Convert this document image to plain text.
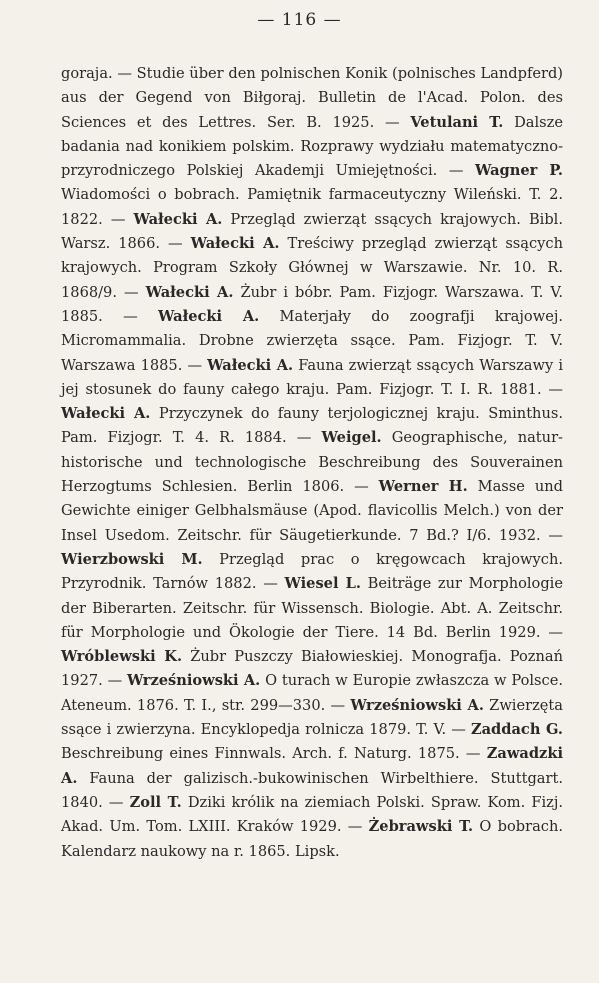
— 116 —
goraja. — Studie über den polnischen Konik (polnisches Landpferd) aus der Gegend von Biłgoraj. Bulletin de l'Acad. Polon. des Sciences et des Lettres. Ser. B. 1925. — Vetulani T. Dalsze badania nad konikiem polskim. Rozprawy wydziału matematyczno-przyrodniczego Polskiej Akademji Umiejętności. — Wagner P. Wiadomości o bobrach. Pamiętnik farmaceutyczny Wileński. T. 2. 1822. — Wałecki A. Przegląd zwierząt ssących krajowych. Bibl. Warsz. 1866. — Wałecki A. Treściwy przegląd zwierząt ssących krajowych. Program Szkoły Głównej w Warszawie. Nr. 10. R. 1868/9. — Wałecki A. Żubr i bóbr. Pam. Fizjogr. Warszawa. T. V. 1885. — Wałecki A. Materjały do zoografji krajowej. Micromammalia. Drobne zwierzęta ssące. Pam. Fizjogr. T. V. Warszawa 1885. — Wałecki A. Fauna zwierząt ssących Warszawy i jej stosunek do fauny całego kraju. Pam. Fizjogr. T. I. R. 1881. — Wałecki A. Przyczynek do fauny terjologicznej kraju. Sminthus. Pam. Fizjogr. T. 4. R. 1884. — Weigel. Geographische, natur-historische und technologische Beschreibung des Souverainen Herzogtums Schlesien. Berlin 1806. — Werner H. Masse und Gewichte einiger Gelbhalsmäuse (Apod. flavicollis Melch.) von der Insel Usedom. Zeitschr. für Säugetierkunde. 7 Bd.? I/6. 1932. — Wierzbowski M. Przegląd prac o kręgowcach krajowych. Przyrodnik. Tarnów 1882. — Wiesel L. Beiträge zur Morphologie der Biberarten. Zeitschr. für Wissensch. Biologie. Abt. A. Zeitschr. für Morphologie und Ökologie der Tiere. 14 Bd. Berlin 1929. — Wróblewski K. Żubr Puszczy Białowieskiej. Monografja. Poznań 1927. — Wrześniowski A. O turach w Europie zwłaszcza w Polsce. Ateneum. 1876. T. I., str. 299—330. — Wrześniowski A. Zwierzęta ssące i zwierzyna. Encyklopedja rolnicza 1879. T. V. — Zaddach G. Beschreibung eines Finnwals. Arch. f. Naturg. 1875. — Zawadzki A. Fauna der galizisch.-bukowinischen Wirbelthiere. Stuttgart. 1840. — Zoll T. Dziki królik na ziemiach Polski. Spraw. Kom. Fizj. Akad. Um. Tom. LXIII. Kraków 1929. — Żebrawski T. O bobrach. Kalendarz naukowy na r. 1865. Lipsk.
